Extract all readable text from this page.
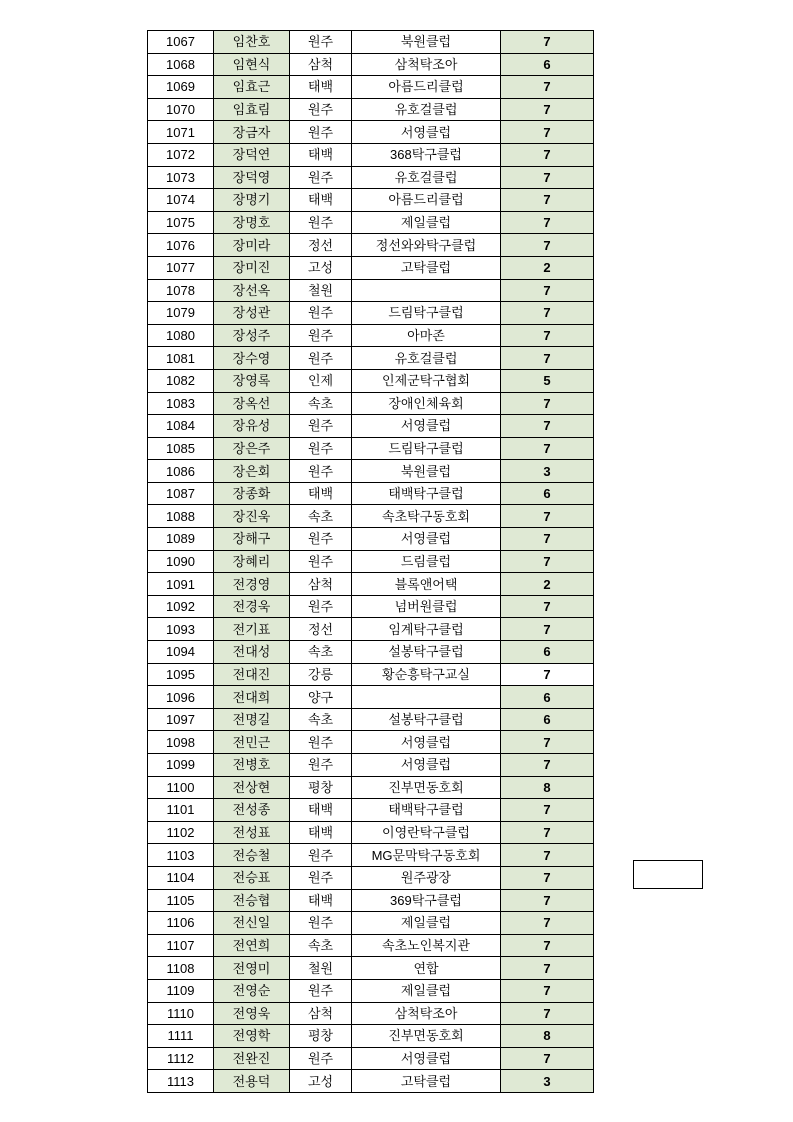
1067	임찬호	원주	북원클럽	7
1068	임현식	삼척	삼척탁조아	6
1069	임효근	태백	아름드리클럽	7
1070	임효림	원주	유호걸클럽	7
1071	장금자	원주	서영클럽	7
1072	장덕연	태백	368탁구클럽	7
1073	장덕영	원주	유호걸클럽	7
1074	장명기	태백	아름드리클럽	7
1075	장명호	원주	제일클럽	7
1076	장미라	정선	정선와와탁구클럽	7
1077	장미진	고성	고탁클럽	2
1078	장선옥	철원		7
1079	장성관	원주	드림탁구클럽	7
1080	장성주	원주	아마존	7
1081	장수영	원주	유호걸클럽	7
1082	장영록	인제	인제군탁구협회	5
1083	장옥선	속초	장애인체육회	7
1084	장유성	원주	서영클럽	7
1085	장은주	원주	드림탁구클럽	7
1086	장은회	원주	북원클럽	3
1087	장종화	태백	태백탁구클럽	6
1088	장진욱	속초	속초탁구동호회	7
1089	장해구	원주	서영클럽	7
1090	장혜리	원주	드림클럽	7
1091	전경영	삼척	블록앤어택	2
1092	전경욱	원주	넘버원클럽	7
1093	전기표	정선	임계탁구클럽	7
1094	전대성	속초	설봉탁구클럽	6
1095	전대진	강릉	황순흥탁구교실	7
1096	전대희	양구		6
1097	전명길	속초	설봉탁구클럽	6
1098	전민근	원주	서영클럽	7
1099	전병호	원주	서영클럽	7
1100	전상현	평창	진부면동호회	8
1101	전성종	태백	태백탁구클럽	7
1102	전성표	태백	이영란탁구클럽	7
1103	전승철	원주	MG문막탁구동호회	7
1104	전승표	원주	원주광장	7
1105	전승협	태백	369탁구클럽	7
1106	전신일	원주	제일클럽	7
1107	전연희	속초	속초노인복지관	7
1108	전영미	철원	연합	7
1109	전영순	원주	제일클럽	7
1110	전영욱	삼척	삼척탁조아	7
1111	전영학	평창	진부면동호회	8
1112	전완진	원주	서영클럽	7
1113	전용덕	고성	고탁클럽	3
